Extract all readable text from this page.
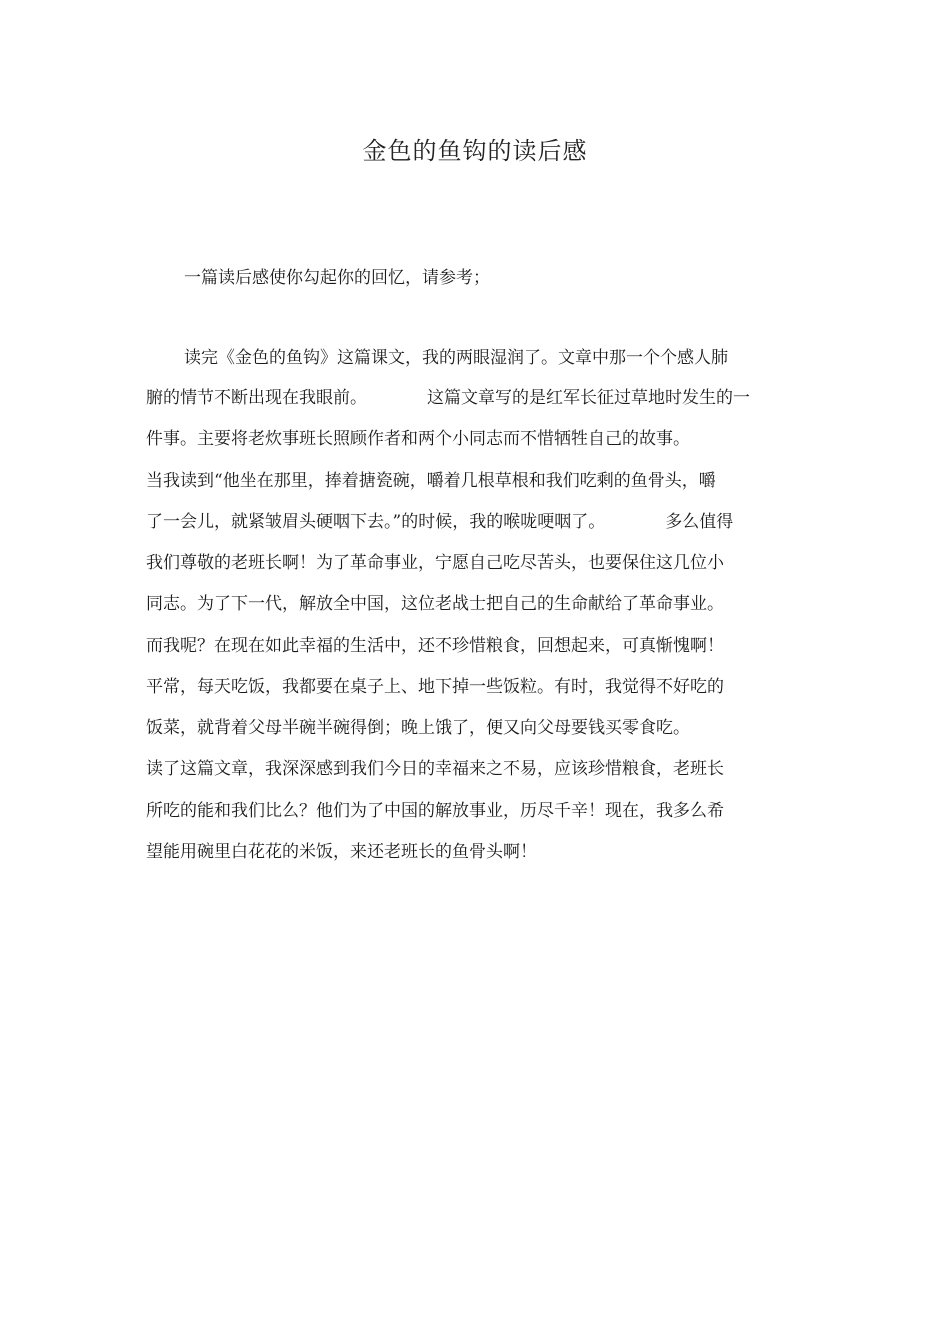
金色的鱼钩的读后感
一篇读后感使你勾起你的回忆，请参考；
读完《金色的鱼钩》这篇课文，我的两眼湿润了。文章中那一个个感人肺
腑的情节不断出现在我眼前。	这篇文章写的是红军长征过草地时发生的一
件事。主要将老炊事班长照顾作者和两个小同志而不惜牺牲自己的故事。
当我读到“他坐在那里，捧着搪瓷碗，嚼着几根草根和我们吃剩的鱼骨头，嚼
了一会儿，就紧皱眉头硬咽下去。”的时候，我的喉咙哽咽了。	多么值得
我们尊敬的老班长啊！为了革命事业，宁愿自己吃尽苦头，也要保住这几位小
同志。为了下一代，解放全中国，这位老战士把自己的生命献给了革命事业。
而我呢？在现在如此幸福的生活中，还不珍惜粮食，回想起来，可真惭愧啊！
平常，每天吃饭，我都要在桌子上、地下掉一些饭粒。有时，我觉得不好吃的
饭菜，就背着父母半碗半碗得倒；晚上饿了，便又向父母要钱买零食吃。
读了这篇文章，我深深感到我们今日的幸福来之不易，应该珍惜粮食，老班长
所吃的能和我们比么？他们为了中国的解放事业，历尽千辛！现在，我多么希
望能用碗里白花花的米饭，来还老班长的鱼骨头啊！
